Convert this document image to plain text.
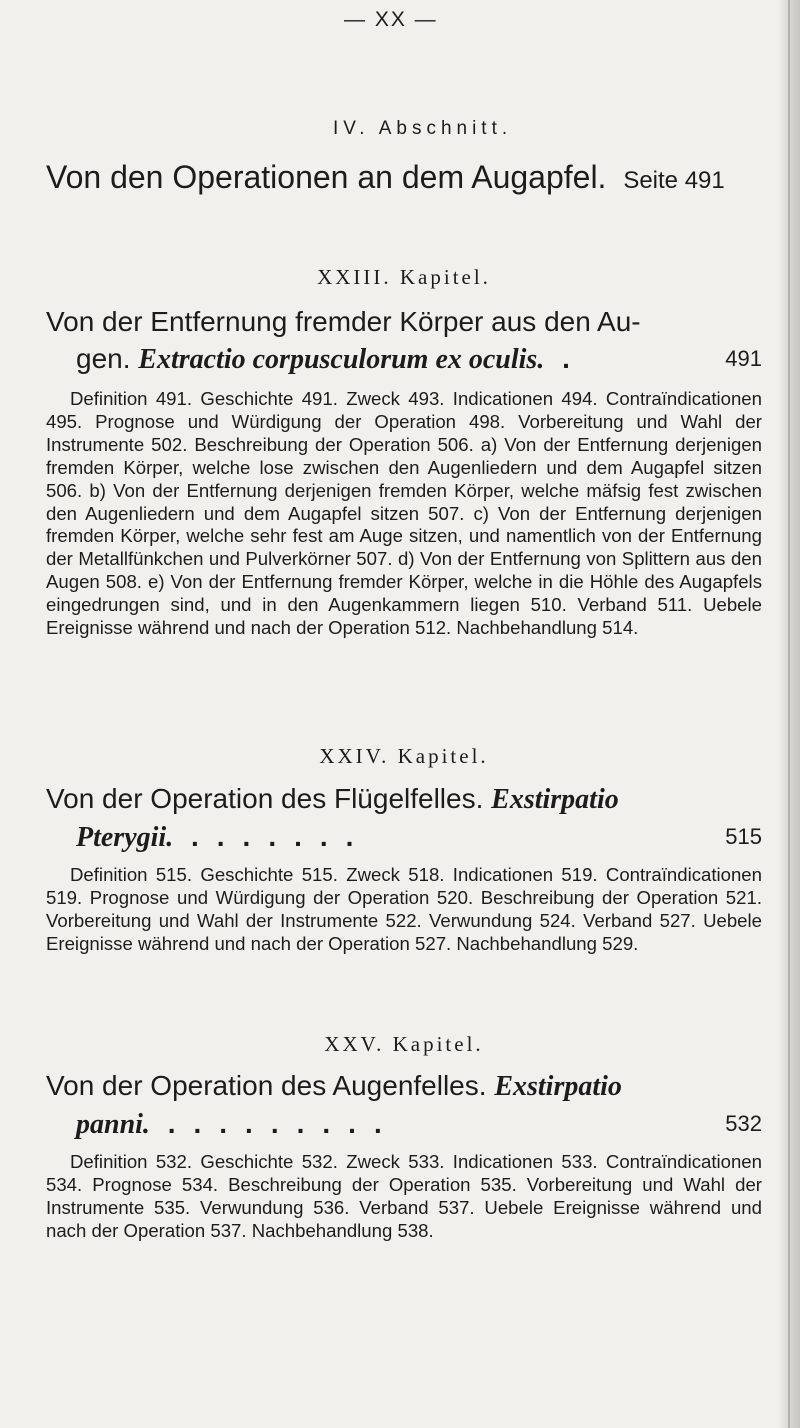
— XX —
IV. Abschnitt.
Von den Operationen an dem Augapfel. Seite 491
XXIII. Kapitel.
Von der Entfernung fremder Körper aus den Au-
gen. Extractio corpusculorum ex oculis. .	491

Definition 491. Geschichte 491. Zweck 493. Indicationen 494. Contraïndicationen 495. Prognose und Würdigung der Operation 498. Vorbereitung und Wahl der Instrumente 502. Beschreibung der Operation 506. a) Von der Entfernung derjenigen fremden Körper, welche lose zwischen den Augenliedern und dem Augapfel sitzen 506. b) Von der Entfernung derjenigen fremden Körper, welche mäfsig fest zwischen den Augenliedern und dem Augapfel sitzen 507. c) Von der Entfernung derjenigen fremden Körper, welche sehr fest am Auge sitzen, und namentlich von der Entfernung der Metallfünkchen und Pulverkörner 507. d) Von der Entfernung von Splittern aus den Augen 508. e) Von der Entfernung fremder Körper, welche in die Höhle des Augapfels eingedrungen sind, und in den Augenkammern liegen 510. Verband 511. Uebele Ereignisse während und nach der Operation 512. Nachbehandlung 514.

XXIV. Kapitel.
Von der Operation des Flügelfelles. Exstirpatio
Pterygii. .......	515

Definition 515. Geschichte 515. Zweck 518. Indicationen 519. Contraïndicationen 519. Prognose und Würdigung der Operation 520. Beschreibung der Operation 521. Vorbereitung und Wahl der Instrumente 522. Verwundung 524. Verband 527. Uebele Ereignisse während und nach der Operation 527. Nachbehandlung 529.

XXV. Kapitel.
Von der Operation des Augenfelles. Exstirpatio
panni. .........	532

Definition 532. Geschichte 532. Zweck 533. Indicationen 533. Contraïndicationen 534. Prognose 534. Beschreibung der Operation 535. Vorbereitung und Wahl der Instrumente 535. Verwundung 536. Verband 537. Uebele Ereignisse während und nach der Operation 537. Nachbehandlung 538.
